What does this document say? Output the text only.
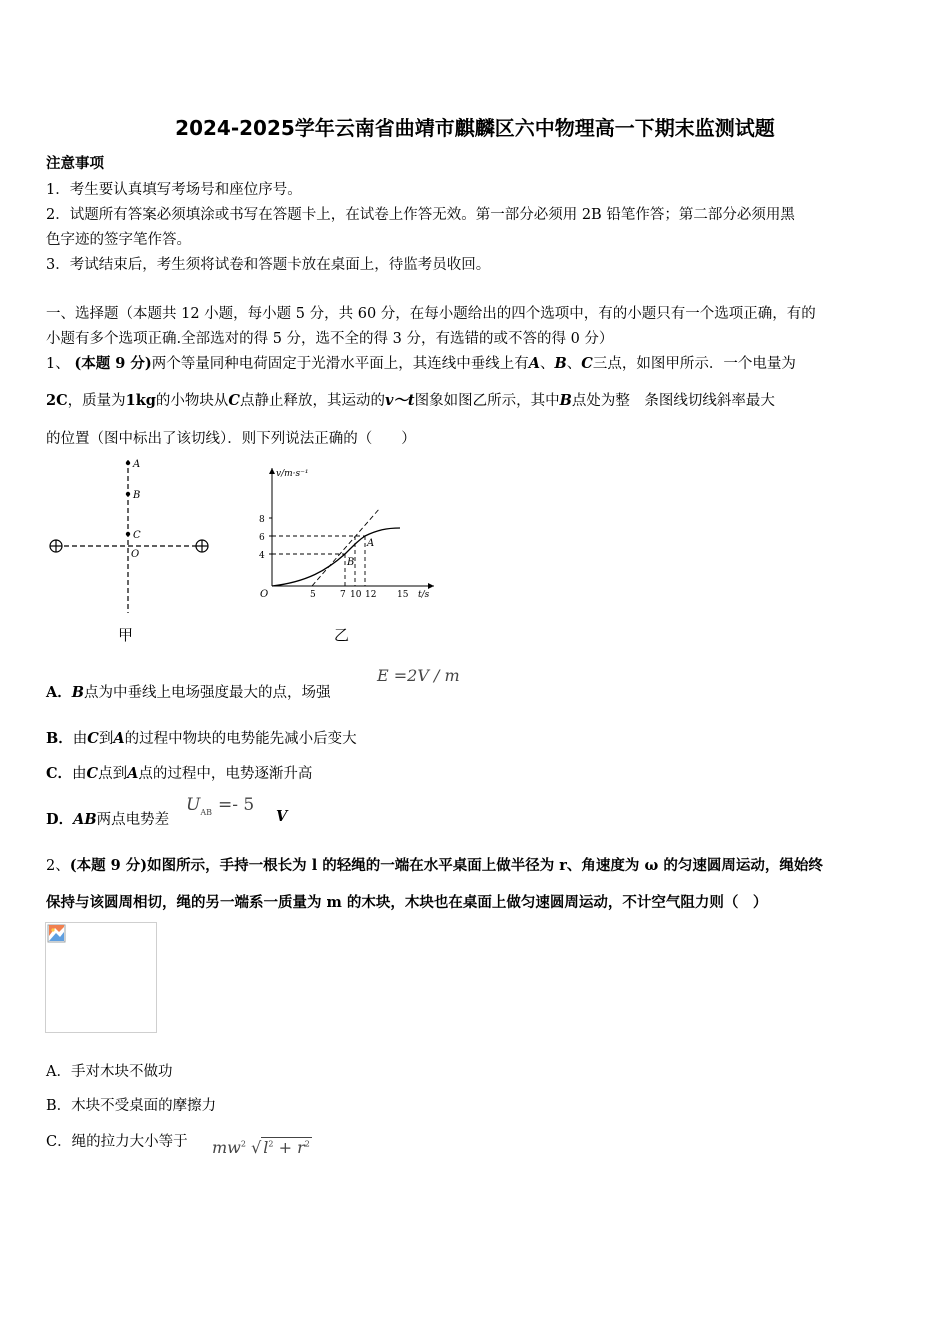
2024-2025学年云南省曲靖市麒麟区六中物理高一下期末监测试题
注意事项
1．考生要认真填写考场号和座位序号。
2．试题所有答案必须填涂或书写在答题卡上，在试卷上作答无效。第一部分必须用 2B 铅笔作答；第二部分必须用黑
色字迹的签字笔作答。
3．考试结束后，考生须将试卷和答题卡放在桌面上，待监考员收回。
一、选择题（本题共 12 小题，每小题 5 分，共 60 分，在每小题给出的四个选项中，有的小题只有一个选项正确，有的
小题有多个选项正确.全部选对的得 5 分，选不全的得 3 分，有选错的或不答的得 0 分）
1、 (本题 9 分)两个等量同种电荷固定于光滑水平面上，其连线中垂线上有A、B、C三点，如图甲所示．一个电量为
2C，质量为1kg的小物块从C点静止释放，其运动的v～t图象如图乙所示，其中B点处为整　条图线切线斜率最大
的位置（图中标出了该切线）．则下列说法正确的（　　）
A
B
C
O
甲
v/m·s⁻¹
t/s
O
8
6
4
5	7 10 12 15
A
B
乙
A．B点为中垂线上电场强度最大的点，场强
E =2V / m
B．由C到A的过程中物块的电势能先减小后变大
C．由C点到A点的过程中，电势逐渐升高
D．AB两点电势差
$U_{AB} =- 5$
V
2、(本题 9 分)如图所示，手持一根长为 l 的轻绳的一端在水平桌面上做半径为 r、角速度为 ω 的匀速圆周运动，绳始终
保持与该圆周相切，绳的另一端系一质量为 m 的木块，木块也在桌面上做匀速圆周运动，不计空气阻力则（　）
A．手对木块不做功
B．木块不受桌面的摩擦力
C．绳的拉力大小等于 $mw^2$ √ $l^2 + r^2$
